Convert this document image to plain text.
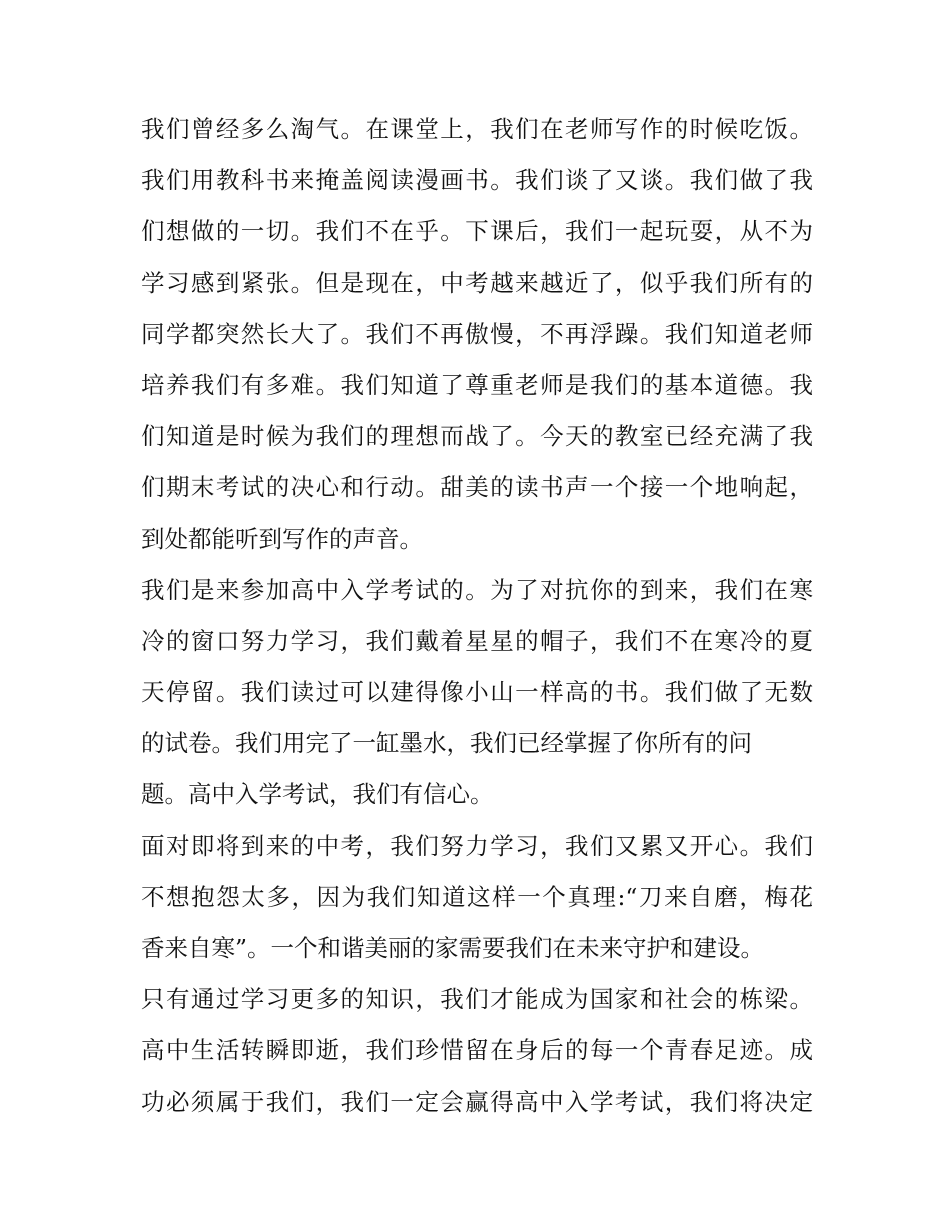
我们曾经多么淘气。在课堂上，我们在老师写作的时候吃饭。
我们用教科书来掩盖阅读漫画书。我们谈了又谈。我们做了我
们想做的一切。我们不在乎。下课后，我们一起玩耍，从不为
学习感到紧张。但是现在，中考越来越近了，似乎我们所有的
同学都突然长大了。我们不再傲慢，不再浮躁。我们知道老师
培养我们有多难。我们知道了尊重老师是我们的基本道德。我
们知道是时候为我们的理想而战了。今天的教室已经充满了我
们期末考试的决心和行动。甜美的读书声一个接一个地响起，
到处都能听到写作的声音。
我们是来参加高中入学考试的。为了对抗你的到来，我们在寒
冷的窗口努力学习，我们戴着星星的帽子，我们不在寒冷的夏
天停留。我们读过可以建得像小山一样高的书。我们做了无数
的试卷。我们用完了一缸墨水，我们已经掌握了你所有的问
题。高中入学考试，我们有信心。
面对即将到来的中考，我们努力学习，我们又累又开心。我们
不想抱怨太多，因为我们知道这样一个真理:“刀来自磨，梅花
香来自寒”。一个和谐美丽的家需要我们在未来守护和建设。
只有通过学习更多的知识，我们才能成为国家和社会的栋梁。
高中生活转瞬即逝，我们珍惜留在身后的每一个青春足迹。成
功必须属于我们，我们一定会赢得高中入学考试，我们将决定
